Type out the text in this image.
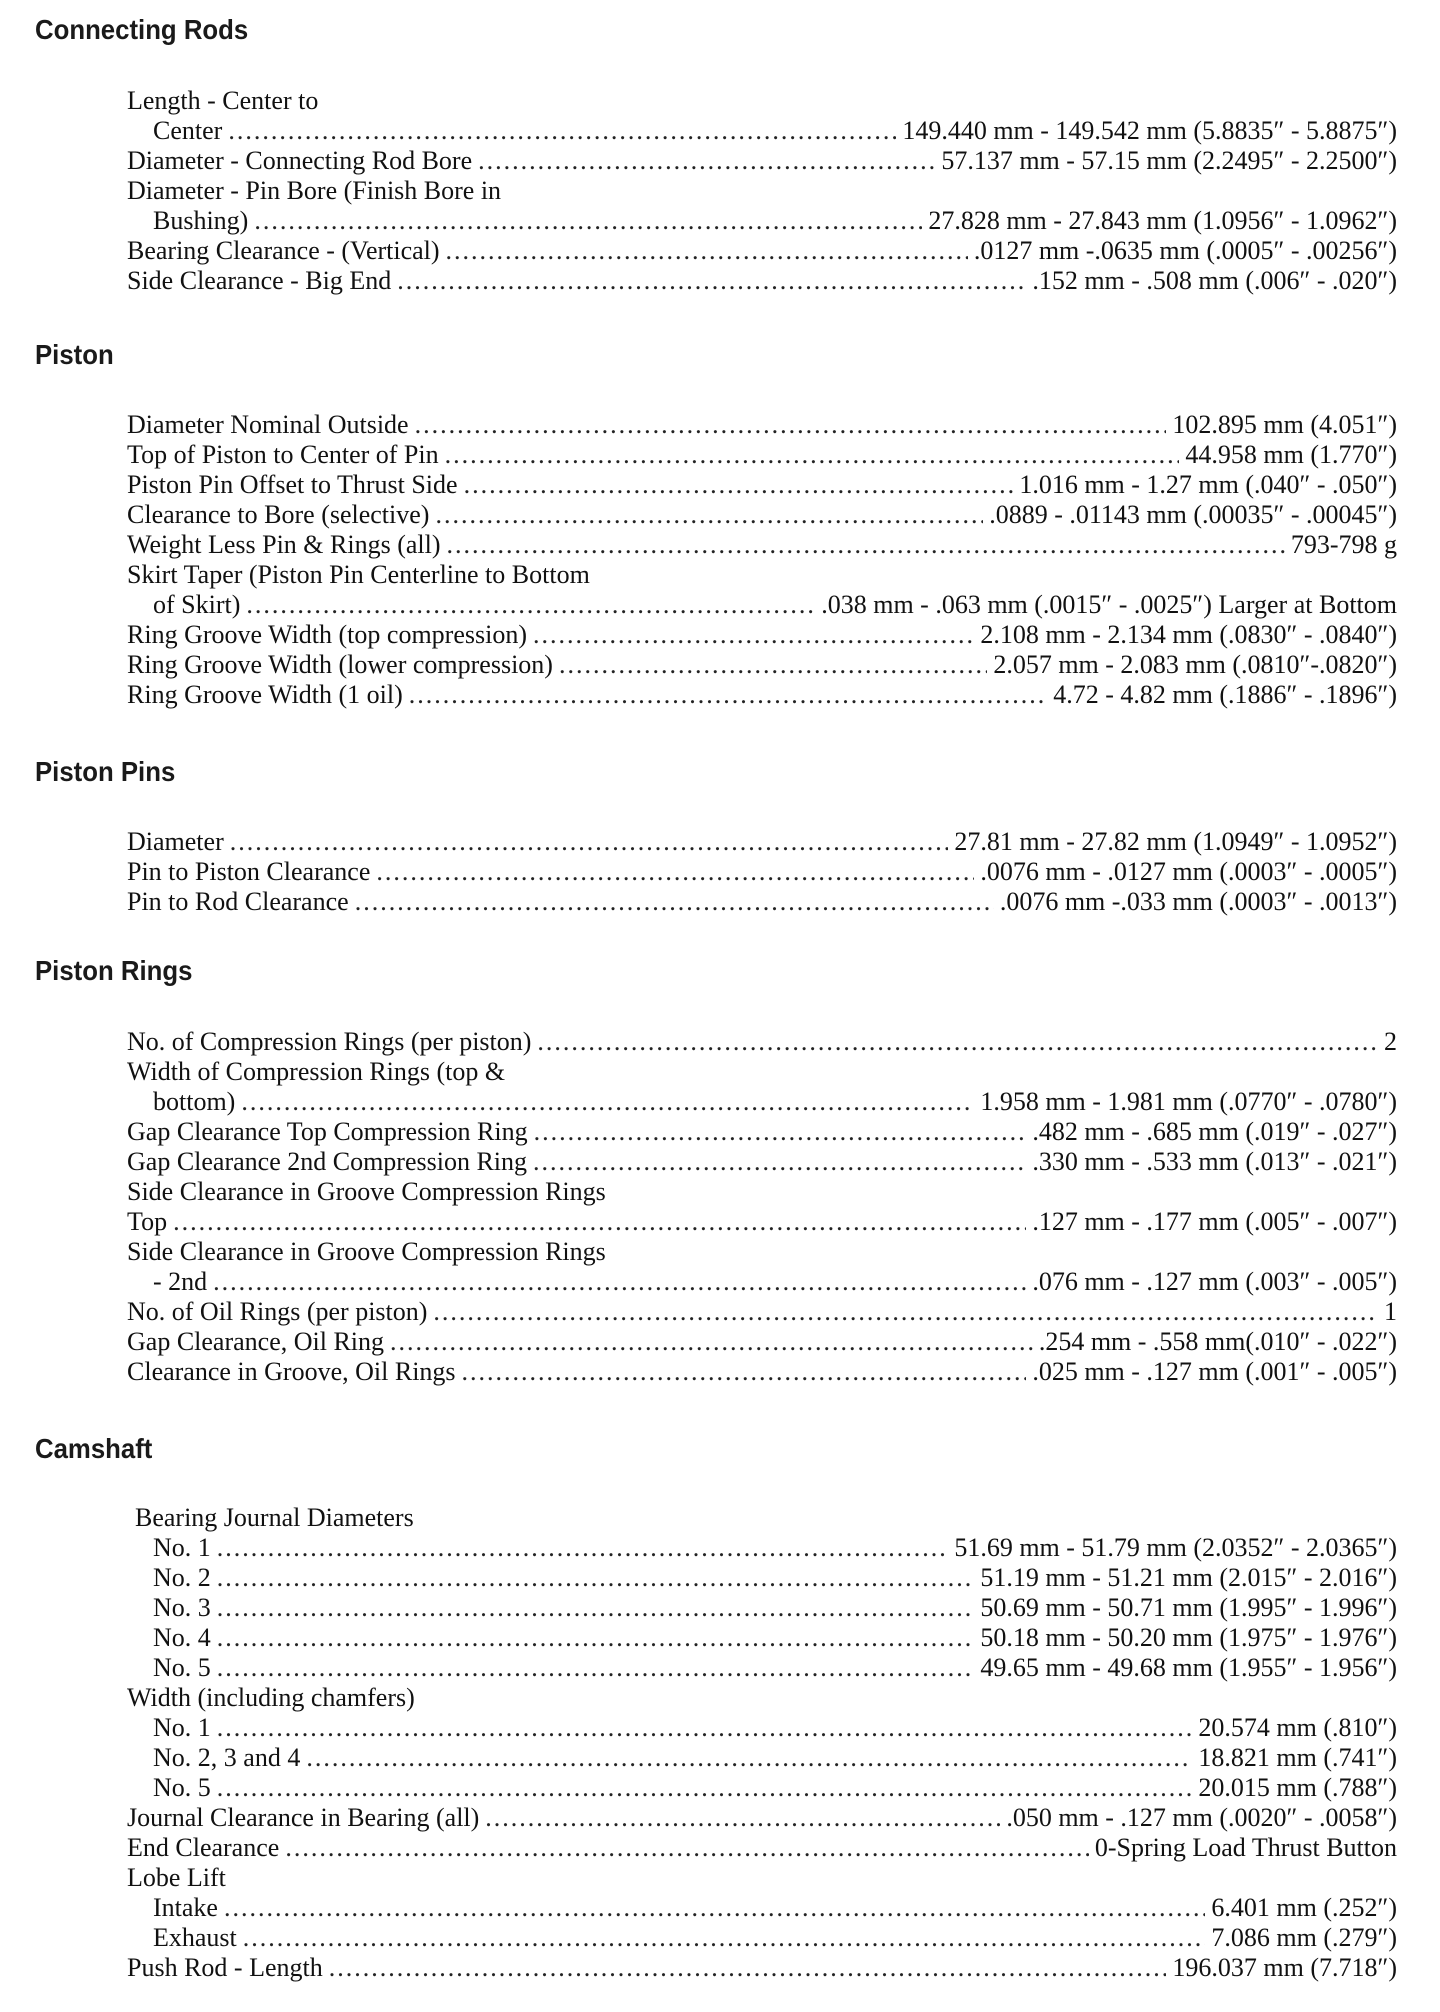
Connecting Rods
Length - Center to
Center .....	149.440 mm - 149.542 mm (5.8835″ - 5.8875″)
Diameter - Connecting Rod Bore .....	57.137 mm - 57.15 mm (2.2495″ - 2.2500″)
Diameter - Pin Bore (Finish Bore in
Bushing) .....	27.828 mm - 27.843 mm (1.0956″ - 1.0962″)
Bearing Clearance - (Vertical) .....	.0127 mm -.0635 mm (.0005″ - .00256″)
Side Clearance - Big End .....	.152 mm - .508 mm (.006″ - .020″)
Piston
Diameter Nominal Outside .....	102.895 mm (4.051″)
Top of Piston to Center of Pin .....	44.958 mm (1.770″)
Piston Pin Offset to Thrust Side .....	1.016 mm - 1.27 mm (.040″ - .050″)
Clearance to Bore (selective) .....	.0889 - .01143 mm (.00035″ - .00045″)
Weight Less Pin & Rings (all) .....	793-798 g
Skirt Taper (Piston Pin Centerline to Bottom
of Skirt) .....	.038 mm - .063 mm (.0015″ - .0025″) Larger at Bottom
Ring Groove Width (top compression) .....	2.108 mm - 2.134 mm (.0830″ - .0840″)
Ring Groove Width (lower compression) .....	2.057 mm - 2.083 mm (.0810″-.0820″)
Ring Groove Width (1 oil) .....	4.72 - 4.82 mm (.1886″ - .1896″)
Piston Pins
Diameter .....	27.81 mm - 27.82 mm (1.0949″ - 1.0952″)
Pin to Piston Clearance .....	.0076 mm - .0127 mm (.0003″ - .0005″)
Pin to Rod Clearance .....	.0076 mm -.033 mm (.0003″ - .0013″)
Piston Rings
No. of Compression Rings (per piston) .....	2
Width of Compression Rings (top &
bottom) .....	1.958 mm - 1.981 mm (.0770″ - .0780″)
Gap Clearance Top Compression Ring .....	.482 mm - .685 mm (.019″ - .027″)
Gap Clearance 2nd Compression Ring .....	.330 mm - .533 mm (.013″ - .021″)
Side Clearance in Groove Compression Rings
Top .....	.127 mm - .177 mm (.005″ - .007″)
Side Clearance in Groove Compression Rings
- 2nd .....	.076 mm - .127 mm (.003″ - .005″)
No. of Oil Rings (per piston) .....	1
Gap Clearance, Oil Ring .....	.254 mm - .558 mm(.010″ - .022″)
Clearance in Groove, Oil Rings .....	.025 mm - .127 mm (.001″ - .005″)
Camshaft
Bearing Journal Diameters
No. 1 .....	51.69 mm - 51.79 mm (2.0352″ - 2.0365″)
No. 2 .....	51.19 mm - 51.21 mm (2.015″ - 2.016″)
No. 3 .....	50.69 mm - 50.71 mm (1.995″ - 1.996″)
No. 4 .....	50.18 mm - 50.20 mm (1.975″ - 1.976″)
No. 5 .....	49.65 mm - 49.68 mm (1.955″ - 1.956″)
Width (including chamfers)
No. 1 .....	20.574 mm (.810″)
No. 2, 3 and 4 .....	18.821 mm (.741″)
No. 5 .....	20.015 mm (.788″)
Journal Clearance in Bearing (all) .....	.050 mm - .127 mm (.0020″ - .0058″)
End Clearance .....	0-Spring Load Thrust Button
Lobe Lift
Intake .....	6.401 mm (.252″)
Exhaust .....	7.086 mm (.279″)
Push Rod - Length .....	196.037 mm (7.718″)
